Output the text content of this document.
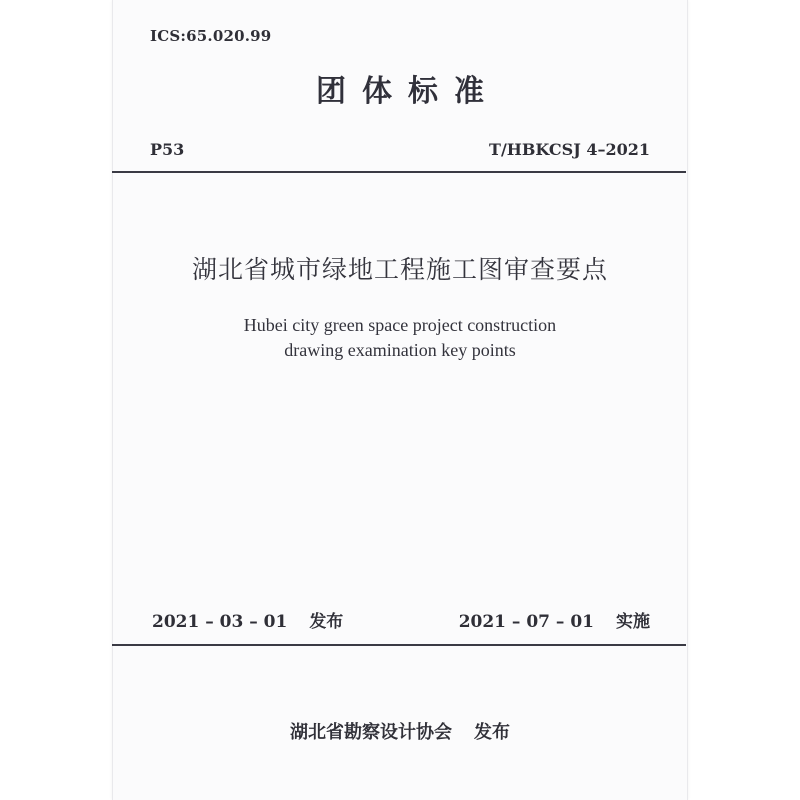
ICS:65.020.99
团体标准
P53	T/HBKCSJ 4–2021
湖北省城市绿地工程施工图审查要点
Hubei city green space project construction
drawing examination key points
2021 – 03 – 01 发布	2021 – 07 – 01 实施
湖北省勘察设计协会 发布
